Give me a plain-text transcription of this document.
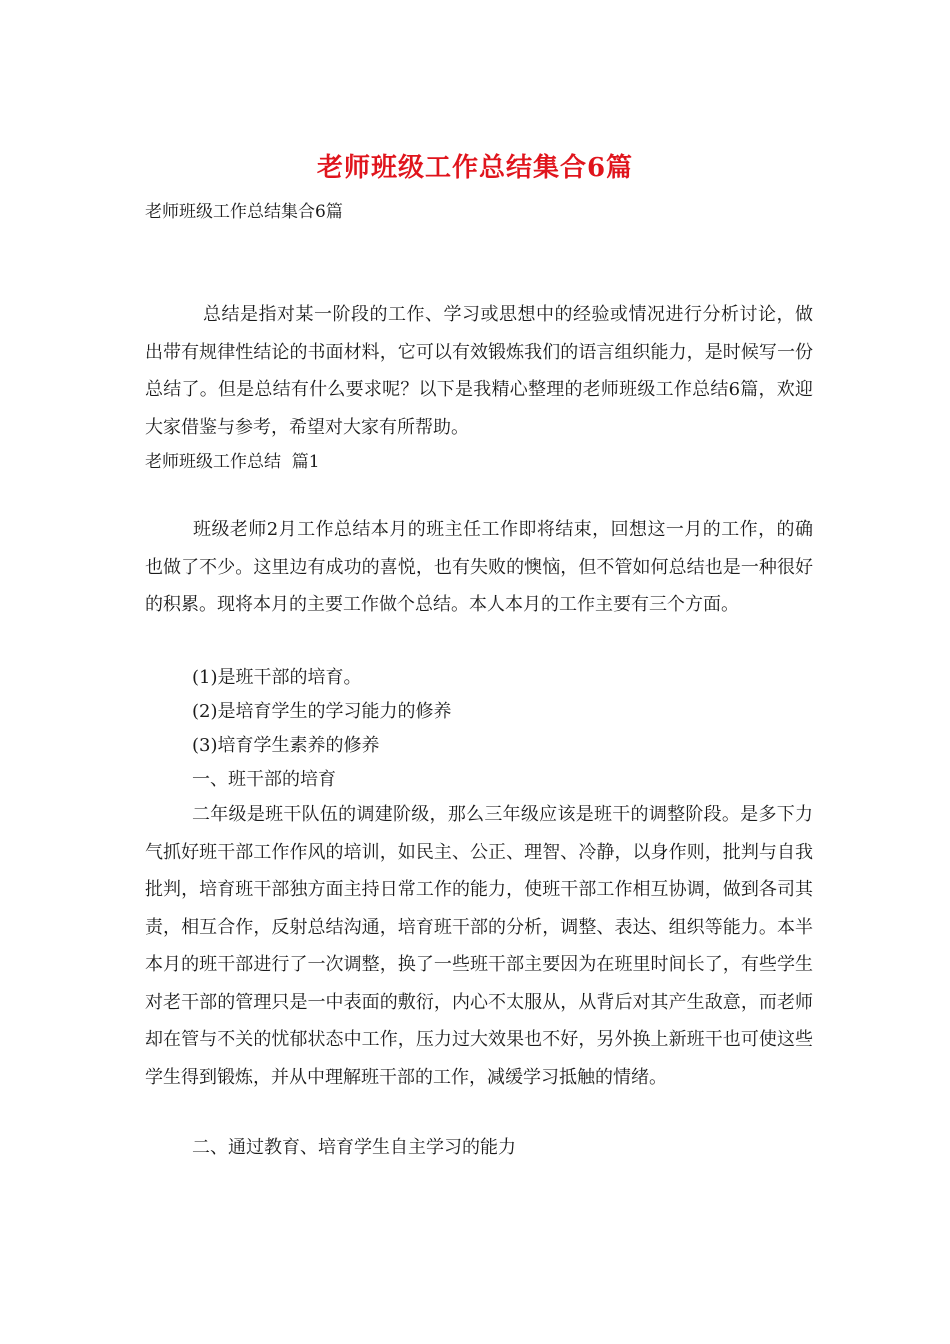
老师班级工作总结集合6篇
老师班级工作总结集合6篇

总结是指对某一阶段的工作、学习或思想中的经验或情况进行分析讨论，做出带有规律性结论的书面材料，它可以有效锻炼我们的语言组织能力，是时候写一份总结了。但是总结有什么要求呢？以下是我精心整理的老师班级工作总结6篇，欢迎大家借鉴与参考，希望对大家有所帮助。

老师班级工作总结  篇1

班级老师2月工作总结本月的班主任工作即将结束，回想这一月的工作，的确也做了不少。这里边有成功的喜悦，也有失败的懊恼，但不管如何总结也是一种很好的积累。现将本月的主要工作做个总结。本人本月的工作主要有三个方面。

(1)是班干部的培育。
(2)是培育学生的学习能力的修养
(3)培育学生素养的修养
一、班干部的培育

二年级是班干队伍的调建阶级，那么三年级应该是班干的调整阶段。是多下力气抓好班干部工作作风的培训，如民主、公正、理智、冷静，以身作则，批判与自我批判，培育班干部独方面主持日常工作的能力，使班干部工作相互协调，做到各司其责，相互合作，反射总结沟通，培育班干部的分析，调整、表达、组织等能力。本半本月的班干部进行了一次调整，换了一些班干部主要因为在班里时间长了，有些学生对老干部的管理只是一中表面的敷衍，内心不太服从，从背后对其产生敌意，而老师却在管与不关的忧郁状态中工作，压力过大效果也不好，另外换上新班干也可使这些学生得到锻炼，并从中理解班干部的工作，减缓学习抵触的情绪。

二、通过教育、培育学生自主学习的能力
